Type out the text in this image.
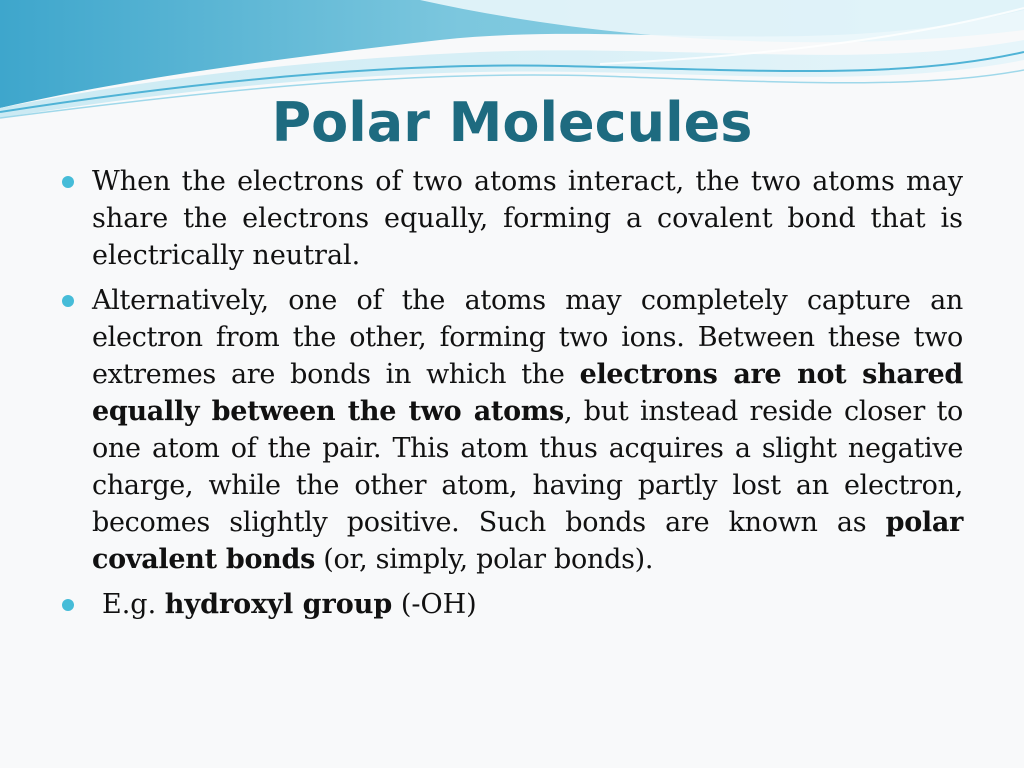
Polar Molecules
When the electrons of two atoms interact, the two atoms may share the electrons equally, forming a covalent bond that is electrically neutral.
Alternatively, one of the atoms may completely capture an electron from the other, forming two ions. Between these two extremes are bonds in which the electrons are not shared equally between the two atoms, but instead reside closer to one atom of the pair. This atom thus acquires a slight negative charge, while the other atom, having partly lost an electron, becomes slightly positive. Such bonds are known as polar covalent bonds (or, simply, polar bonds).
E.g. hydroxyl group (-OH)
